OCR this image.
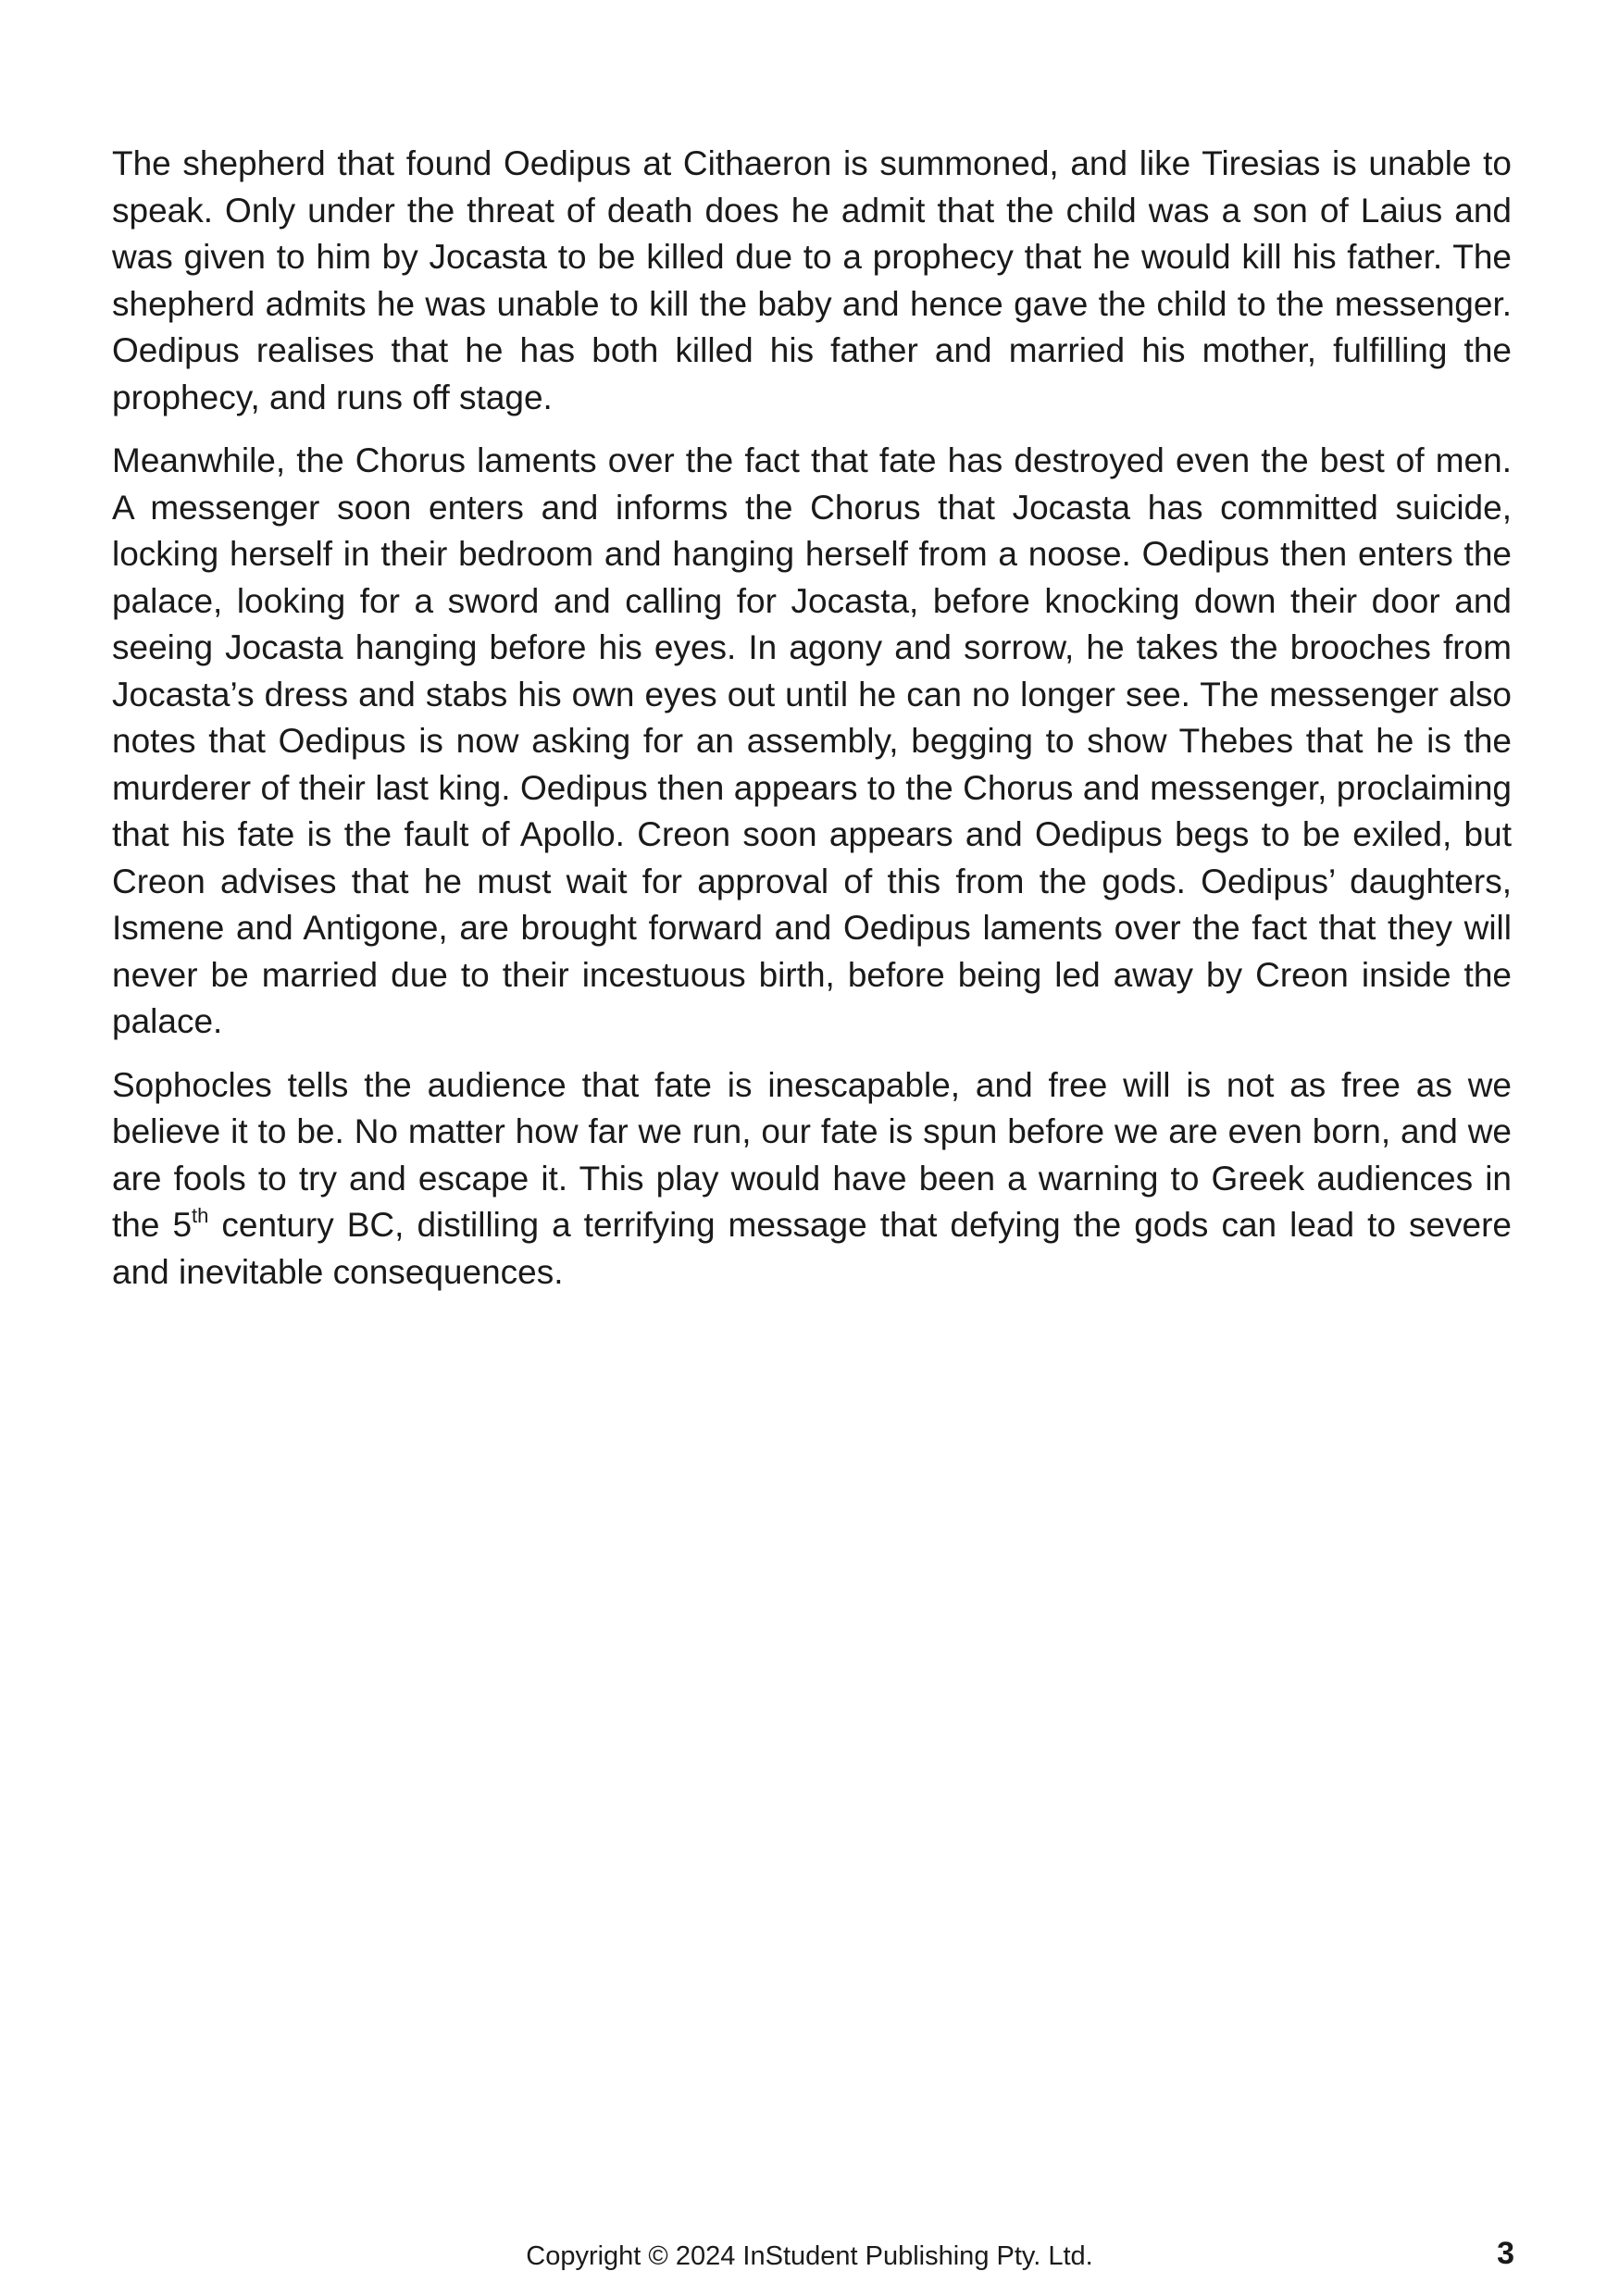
The shepherd that found Oedipus at Cithaeron is summoned, and like Tiresias is unable to speak. Only under the threat of death does he admit that the child was a son of Laius and was given to him by Jocasta to be killed due to a prophecy that he would kill his father. The shepherd admits he was unable to kill the baby and hence gave the child to the messenger. Oedipus realises that he has both killed his father and married his mother, fulfilling the prophecy, and runs off stage.

Meanwhile, the Chorus laments over the fact that fate has destroyed even the best of men. A messenger soon enters and informs the Chorus that Jocasta has committed suicide, locking herself in their bedroom and hanging herself from a noose. Oedipus then enters the palace, looking for a sword and calling for Jocasta, before knocking down their door and seeing Jocasta hanging before his eyes. In agony and sorrow, he takes the brooches from Jocasta’s dress and stabs his own eyes out until he can no longer see. The messenger also notes that Oedipus is now asking for an assembly, begging to show Thebes that he is the murderer of their last king. Oedipus then appears to the Chorus and messenger, proclaiming that his fate is the fault of Apollo. Creon soon appears and Oedipus begs to be exiled, but Creon advises that he must wait for approval of this from the gods. Oedipus’ daughters, Ismene and Antigone, are brought forward and Oedipus laments over the fact that they will never be married due to their incestuous birth, before being led away by Creon inside the palace.

Sophocles tells the audience that fate is inescapable, and free will is not as free as we believe it to be. No matter how far we run, our fate is spun before we are even born, and we are fools to try and escape it. This play would have been a warning to Greek audiences in the 5th century BC, distilling a terrifying message that defying the gods can lead to severe and inevitable consequences.

Copyright © 2024 InStudent Publishing Pty. Ltd.	3
